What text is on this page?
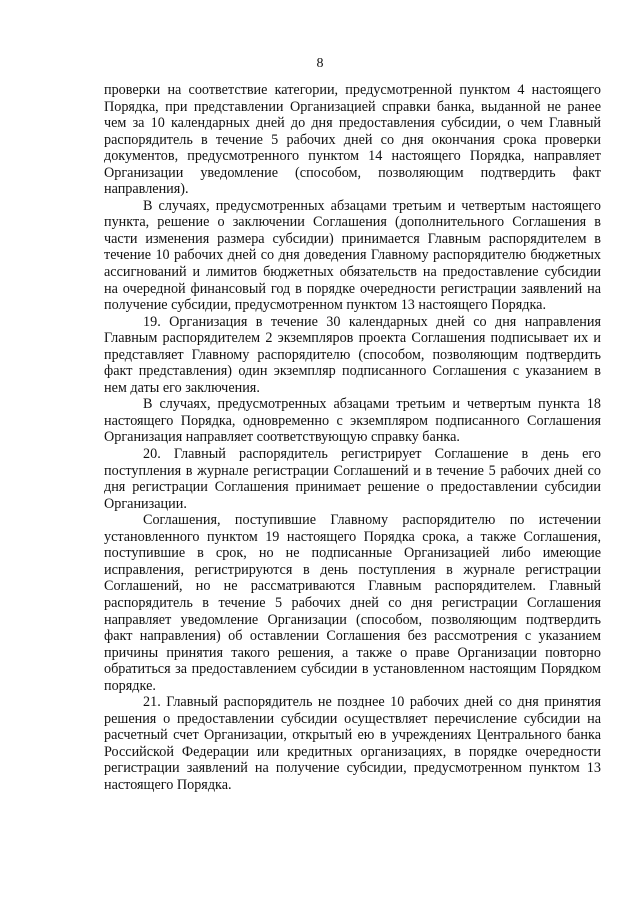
8

проверки на соответствие категории, предусмотренной пунктом 4 настоящего Порядка, при представлении Организацией справки банка, выданной не ранее чем за 10 календарных дней до дня предоставления субсидии, о чем Главный распорядитель в течение 5 рабочих дней со дня окончания срока проверки документов, предусмотренного пунктом 14 настоящего Порядка, направляет Организации уведомление (способом, позволяющим подтвердить факт направления).

В случаях, предусмотренных абзацами третьим и четвертым настоящего пункта, решение о заключении Соглашения (дополнительного Соглашения в части изменения размера субсидии) принимается Главным распорядителем в течение 10 рабочих дней со дня доведения Главному распорядителю бюджетных ассигнований и лимитов бюджетных обязательств на предоставление субсидии на очередной финансовый год в порядке очередности регистрации заявлений на получение субсидии, предусмотренном пунктом 13 настоящего Порядка.

19. Организация в течение 30 календарных дней со дня направления Главным распорядителем 2 экземпляров проекта Соглашения подписывает их и представляет Главному распорядителю (способом, позволяющим подтвердить факт представления) один экземпляр подписанного Соглашения с указанием в нем даты его заключения.

В случаях, предусмотренных абзацами третьим и четвертым пункта 18 настоящего Порядка, одновременно с экземпляром подписанного Соглашения Организация направляет соответствующую справку банка.

20. Главный распорядитель регистрирует Соглашение в день его поступления в журнале регистрации Соглашений и в течение 5 рабочих дней со дня регистрации Соглашения принимает решение о предоставлении субсидии Организации.

Соглашения, поступившие Главному распорядителю по истечении установленного пунктом 19 настоящего Порядка срока, а также Соглашения, поступившие в срок, но не подписанные Организацией либо имеющие исправления, регистрируются в день поступления в журнале регистрации Соглашений, но не рассматриваются Главным распорядителем. Главный распорядитель в течение 5 рабочих дней со дня регистрации Соглашения направляет уведомление Организации (способом, позволяющим подтвердить факт направления) об оставлении Соглашения без рассмотрения с указанием причины принятия такого решения, а также о праве Организации повторно обратиться за предоставлением субсидии в установленном настоящим Порядком порядке.

21. Главный распорядитель не позднее 10 рабочих дней со дня принятия решения о предоставлении субсидии осуществляет перечисление субсидии на расчетный счет Организации, открытый ею в учреждениях Центрального банка Российской Федерации или кредитных организациях, в порядке очередности регистрации заявлений на получение субсидии, предусмотренном пунктом 13 настоящего Порядка.
